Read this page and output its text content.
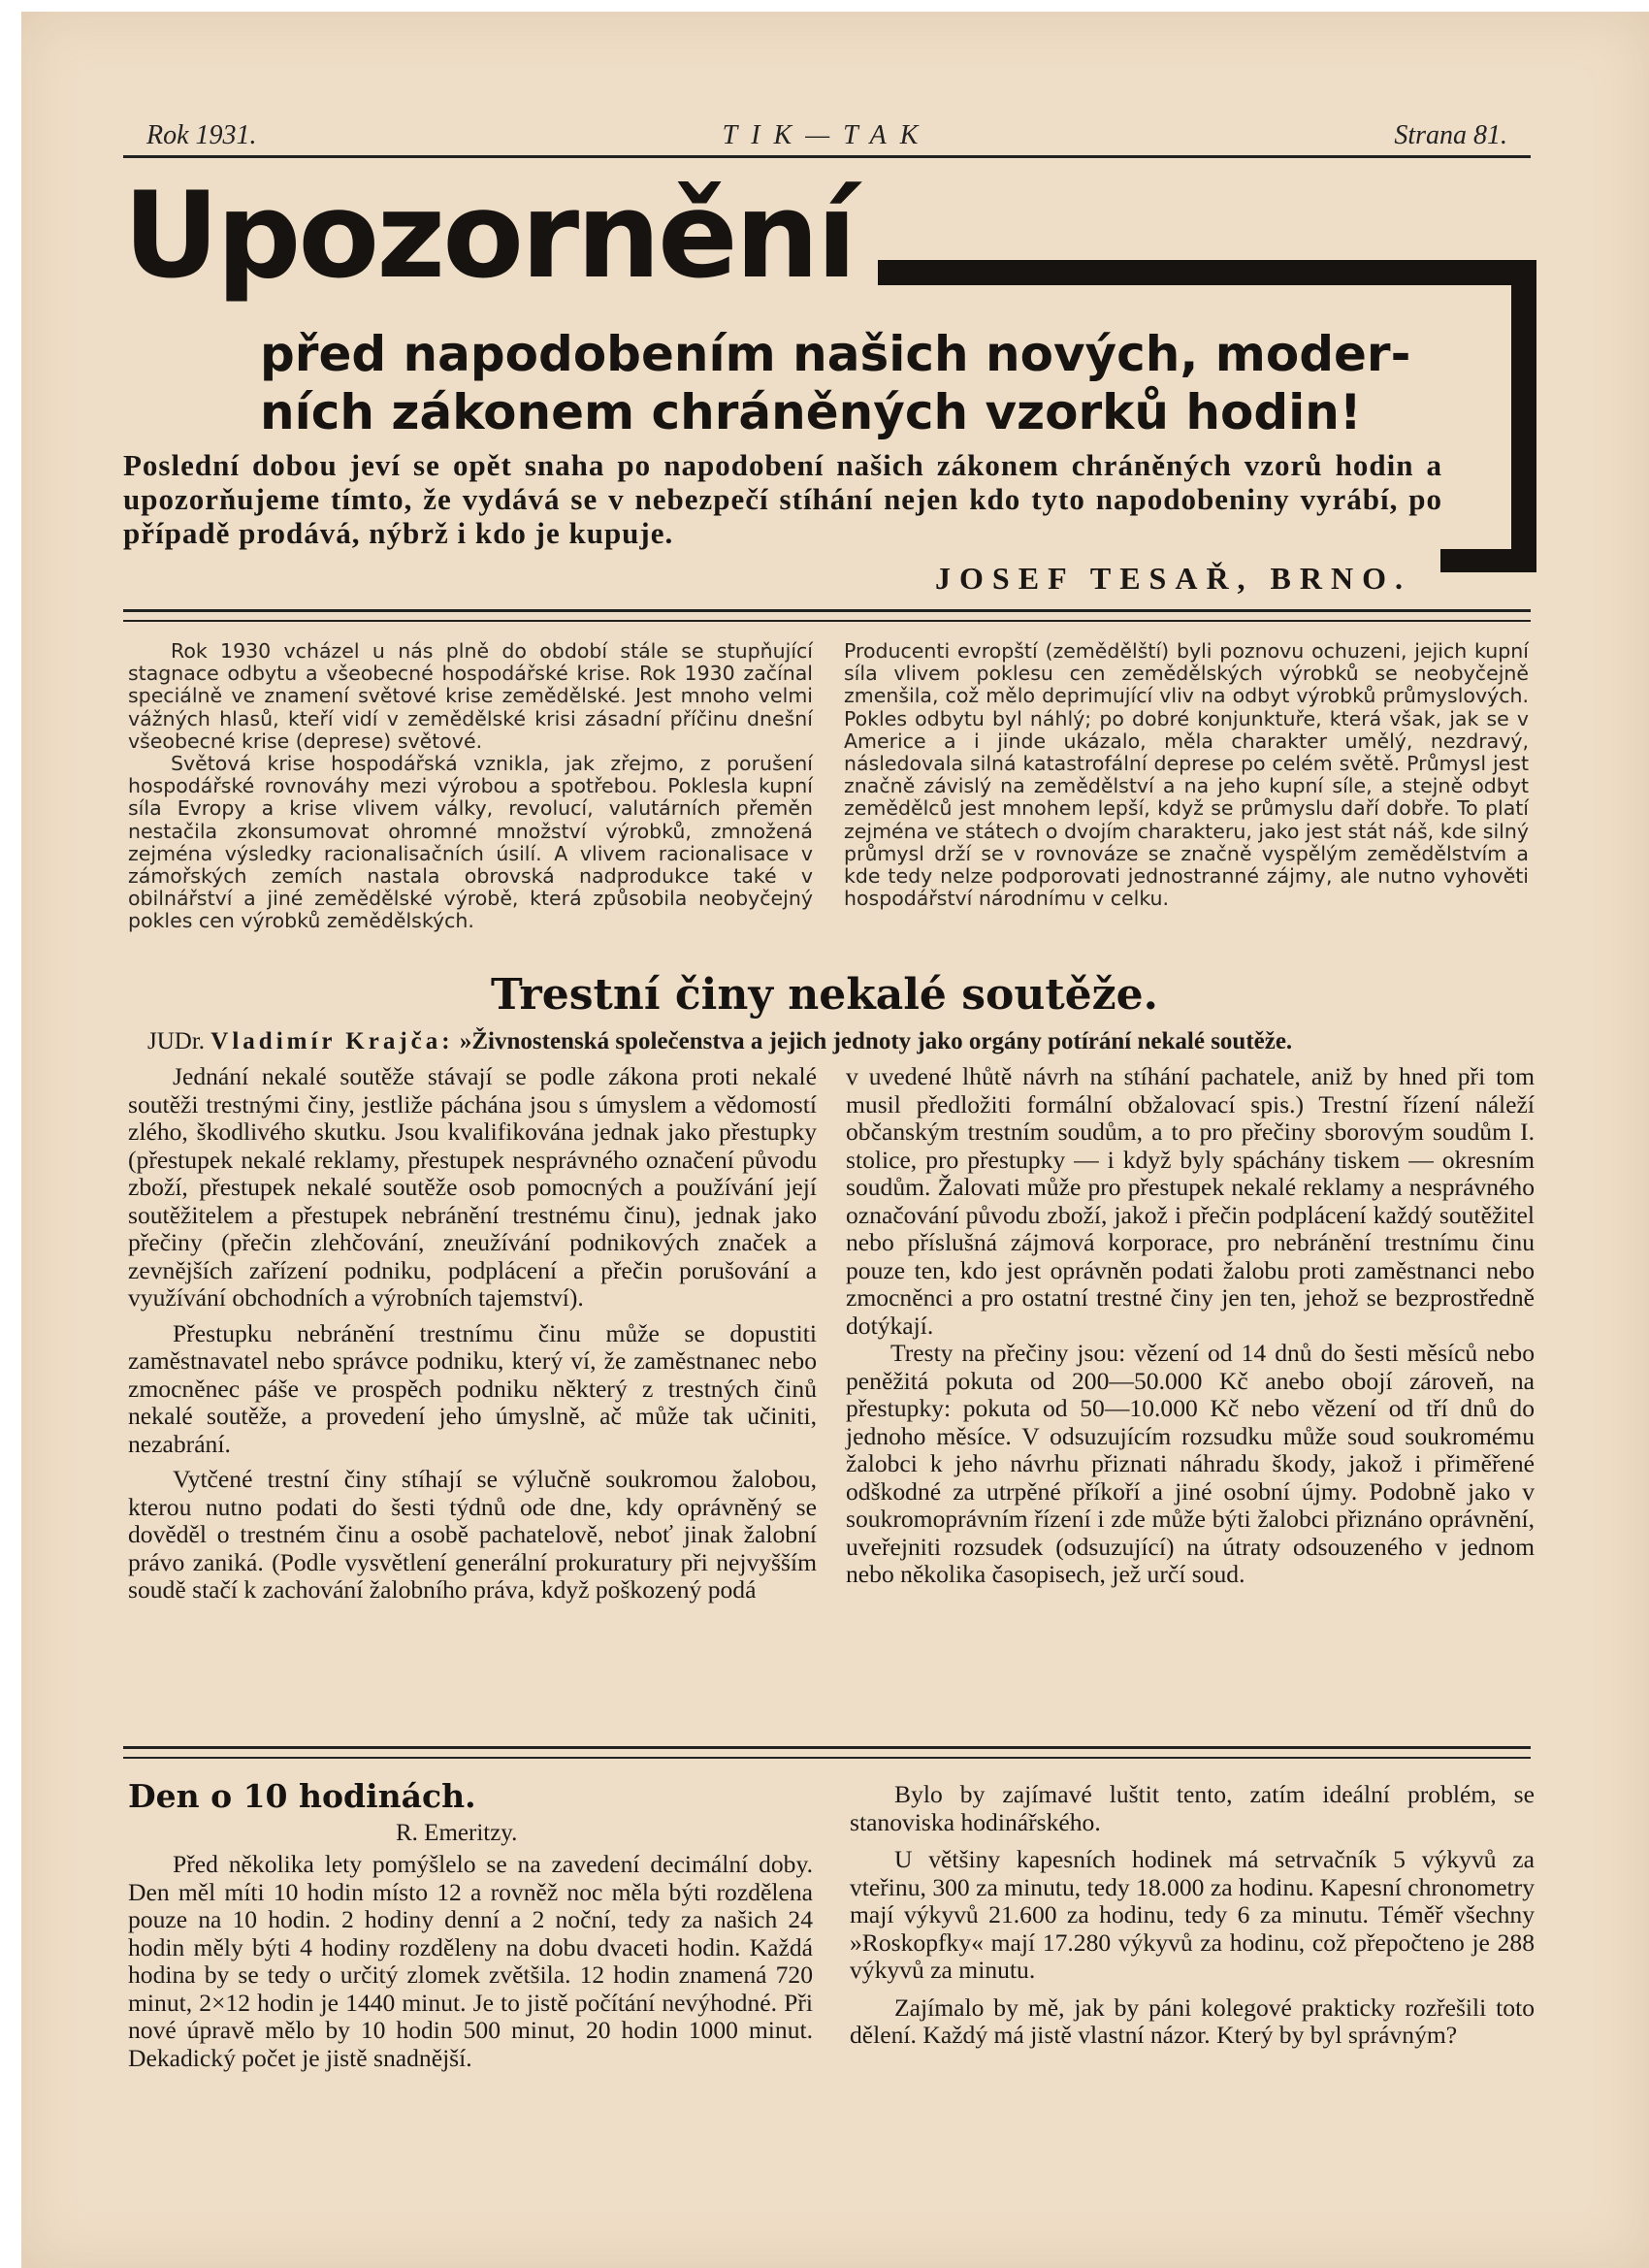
TIK—TAK
Rok 1931.	Strana 81.
Upozornění
před napodobením našich nových, moder-ních zákonem chráněných vzorků hodin!
Poslední dobou jeví se opět snaha po napodobení našich zákonem chráněných vzorů hodin a upozorňujeme tímto, že vydává se v nebezpečí stíhání nejen kdo tyto napodobeniny vyrábí, po případě prodává, nýbrž i kdo je kupuje.
JOSEF TESAŘ, BRNO.

Rok 1930 vcházel u nás plně do období stále se stupňující stagnace odbytu a všeobecné hospodářské krise. Rok 1930 začínal speciálně ve znamení světové krise zemědělské. Jest mnoho velmi vážných hlasů, kteří vidí v zemědělské krisi zásadní příčinu dnešní všeobecné krise (deprese) světové.

Světová krise hospodářská vznikla, jak zřejmo, z porušení hospodářské rovnováhy mezi výrobou a spotřebou. Poklesla kupní síla Evropy a krise vlivem války, revolucí, valutárních přeměn nestačila zkonsumovat ohromné množství výrobků, zmnožená zejména výsledky racionalisačních úsilí. A vlivem racionalisace v zámořských zemích nastala obrovská nadprodukce také v obilnářství a jiné zemědělské výrobě, která způsobila neobyčejný pokles cen výrobků zemědělských.

Producenti evropští (zemědělští) byli poznovu ochuzeni, jejich kupní síla vlivem poklesu cen zemědělských výrobků se neobyčejně zmenšila, což mělo deprimující vliv na odbyt výrobků průmyslových. Pokles odbytu byl náhlý; po dobré konjunktuře, která však, jak se v Americe a i jinde ukázalo, měla charakter umělý, nezdravý, následovala silná katastrofální deprese po celém světě. Průmysl jest značně závislý na zemědělství a na jeho kupní síle, a stejně odbyt zemědělců jest mnohem lepší, když se průmyslu daří dobře. To platí zejména ve státech o dvojím charakteru, jako jest stát náš, kde silný průmysl drží se v rovnováze se značně vyspělým zemědělstvím a kde tedy nelze podporovati jednostranné zájmy, ale nutno vyhověti hospodářství národnímu v celku.

Trestní činy nekalé soutěže.
JUDr. Vladimír Krajča: »Živnostenská společenstva a jejich jednoty jako orgány potírání nekalé soutěže.

Jednání nekalé soutěže stávají se podle zákona proti nekalé soutěži trestnými činy, jestliže páchána jsou s úmyslem a vědomostí zlého, škodlivého skutku. Jsou kvalifikována jednak jako přestupky (přestupek nekalé reklamy, přestupek nesprávného označení původu zboží, přestupek nekalé soutěže osob pomocných a používání její soutěžitelem a přestupek nebránění trestnému činu), jednak jako přečiny (přečin zlehčování, zneužívání podnikových značek a zevnějších zařízení podniku, podplácení a přečin porušování a využívání obchodních a výrobních tajemství).

Přestupku nebránění trestnímu činu může se dopustiti zaměstnavatel nebo správce podniku, který ví, že zaměstnanec nebo zmocněnec páše ve prospěch podniku některý z trestných činů nekalé soutěže, a provedení jeho úmyslně, ač může tak učiniti, nezabrání.

Vytčené trestní činy stíhají se výlučně soukromou žalobou, kterou nutno podati do šesti týdnů ode dne, kdy oprávněný se dověděl o trestném činu a osobě pachatelově, neboť jinak žalobní právo zaniká. (Podle vysvětlení generální prokuratury při nejvyšším soudě stačí k zachování žalobního práva, když poškozený podá

v uvedené lhůtě návrh na stíhání pachatele, aniž by hned při tom musil předložiti formální obžalovací spis.) Trestní řízení náleží občanským trestním soudům, a to pro přečiny sborovým soudům I. stolice, pro přestupky — i když byly spáchány tiskem — okresním soudům. Žalovati může pro přestupek nekalé reklamy a nesprávného označování původu zboží, jakož i přečin podplácení každý soutěžitel nebo příslušná zájmová korporace, pro nebránění trestnímu činu pouze ten, kdo jest oprávněn podati žalobu proti zaměstnanci nebo zmocněnci a pro ostatní trestné činy jen ten, jehož se bezprostředně dotýkají.

Tresty na přečiny jsou: vězení od 14 dnů do šesti měsíců nebo peněžitá pokuta od 200—50.000 Kč anebo obojí zároveň, na přestupky: pokuta od 50—10.000 Kč nebo vězení od tří dnů do jednoho měsíce. V odsuzujícím rozsudku může soud soukromému žalobci k jeho návrhu přiznati náhradu škody, jakož i přiměřené odškodné za utrpěné příkoří a jiné osobní újmy. Podobně jako v soukromoprávním řízení i zde může býti žalobci přiznáno oprávnění, uveřejniti rozsudek (odsuzující) na útraty odsouzeného v jednom nebo několika časopisech, jež určí soud.

Den o 10 hodinách.
R. Emeritzy.

Před několika lety pomýšlelo se na zavedení decimální doby. Den měl míti 10 hodin místo 12 a rovněž noc měla býti rozdělena pouze na 10 hodin. 2 hodiny denní a 2 noční, tedy za našich 24 hodin měly býti 4 hodiny rozděleny na dobu dvaceti hodin. Každá hodina by se tedy o určitý zlomek zvětšila. 12 hodin znamená 720 minut, 2×12 hodin je 1440 minut. Je to jistě počítání nevýhodné. Při nové úpravě mělo by 10 hodin 500 minut, 20 hodin 1000 minut. Dekadický počet je jistě snadnější.

Bylo by zajímavé luštit tento, zatím ideální problém, se stanoviska hodinářského.

U většiny kapesních hodinek má setrvačník 5 výkyvů za vteřinu, 300 za minutu, tedy 18.000 za hodinu. Kapesní chronometry mají výkyvů 21.600 za hodinu, tedy 6 za minutu. Téměř všechny »Roskopfky« mají 17.280 výkyvů za hodinu, což přepočteno je 288 výkyvů za minutu.

Zajímalo by mě, jak by páni kolegové prakticky rozřešili toto dělení. Každý má jistě vlastní názor. Který by byl správným?
